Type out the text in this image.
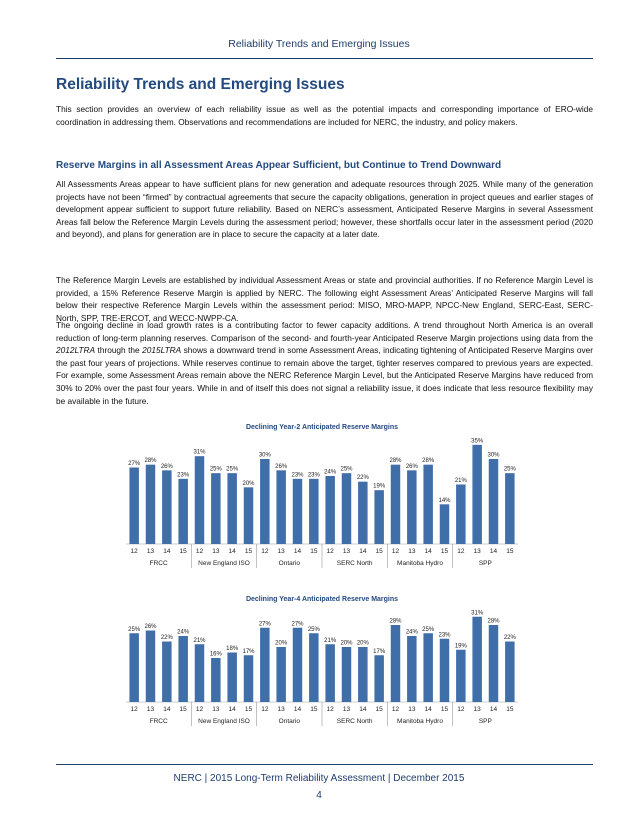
Reliability Trends and Emerging Issues
Reliability Trends and Emerging Issues
This section provides an overview of each reliability issue as well as the potential impacts and corresponding importance of ERO-wide coordination in addressing them. Observations and recommendations are included for NERC, the industry, and policy makers.
Reserve Margins in all Assessment Areas Appear Sufficient, but Continue to Trend Downward
All Assessments Areas appear to have sufficient plans for new generation and adequate resources through 2025. While many of the generation projects have not been “firmed” by contractual agreements that secure the capacity obligations, generation in project queues and earlier stages of development appear sufficient to support future reliability. Based on NERC’s assessment, Anticipated Reserve Margins in several Assessment Areas fall below the Reference Margin Levels during the assessment period; however, these shortfalls occur later in the assessment period (2020 and beyond), and plans for generation are in place to secure the capacity at a later date.
The Reference Margin Levels are established by individual Assessment Areas or state and provincial authorities. If no Reference Margin Level is provided, a 15% Reference Reserve Margin is applied by NERC. The following eight Assessment Areas’ Anticipated Reserve Margins will fall below their respective Reference Margin Levels within the assessment period: MISO, MRO-MAPP, NPCC-New England, SERC-East, SERC-North, SPP, TRE-ERCOT, and WECC-NWPP-CA.
The ongoing decline in load growth rates is a contributing factor to fewer capacity additions. A trend throughout North America is an overall reduction of long-term planning reserves. Comparison of the second- and fourth-year Anticipated Reserve Margin projections using data from the 2012LTRA through the 2015LTRA shows a downward trend in some Assessment Areas, indicating tightening of Anticipated Reserve Margins over the past four years of projections. While reserves continue to remain above the target, tighter reserves compared to previous years are expected. For example, some Assessment Areas remain above the NERC Reference Margin Level, but the Anticipated Reserve Margins have reduced from 30% to 20% over the past four years. While in and of itself this does not signal a reliability issue, it does indicate that less resource flexibility may be available in the future.
Declining Year-2 Anticipated Reserve Margins
27%
12
28%
13
26%
14
23%
15
FRCC
31%
12
25%
13
25%
14
20%
15
New England ISO
30%
12
26%
13
23%
14
23%
15
Ontario
24%
12
25%
13
22%
14
19%
15
SERC North
28%
12
26%
13
28%
14
14%
15
Manitoba Hydro
21%
12
35%
13
30%
14
25%
15
SPP
Declining Year-4 Anticipated Reserve Margins
25%
12
26%
13
22%
14
24%
15
FRCC
21%
12
16%
13
18%
14
17%
15
New England ISO
27%
12
20%
13
27%
14
25%
15
Ontario
21%
12
20%
13
20%
14
17%
15
SERC North
28%
12
24%
13
25%
14
23%
15
Manitoba Hydro
19%
12
31%
13
28%
14
22%
15
SPP
NERC | 2015 Long-Term Reliability Assessment | December 2015
4
